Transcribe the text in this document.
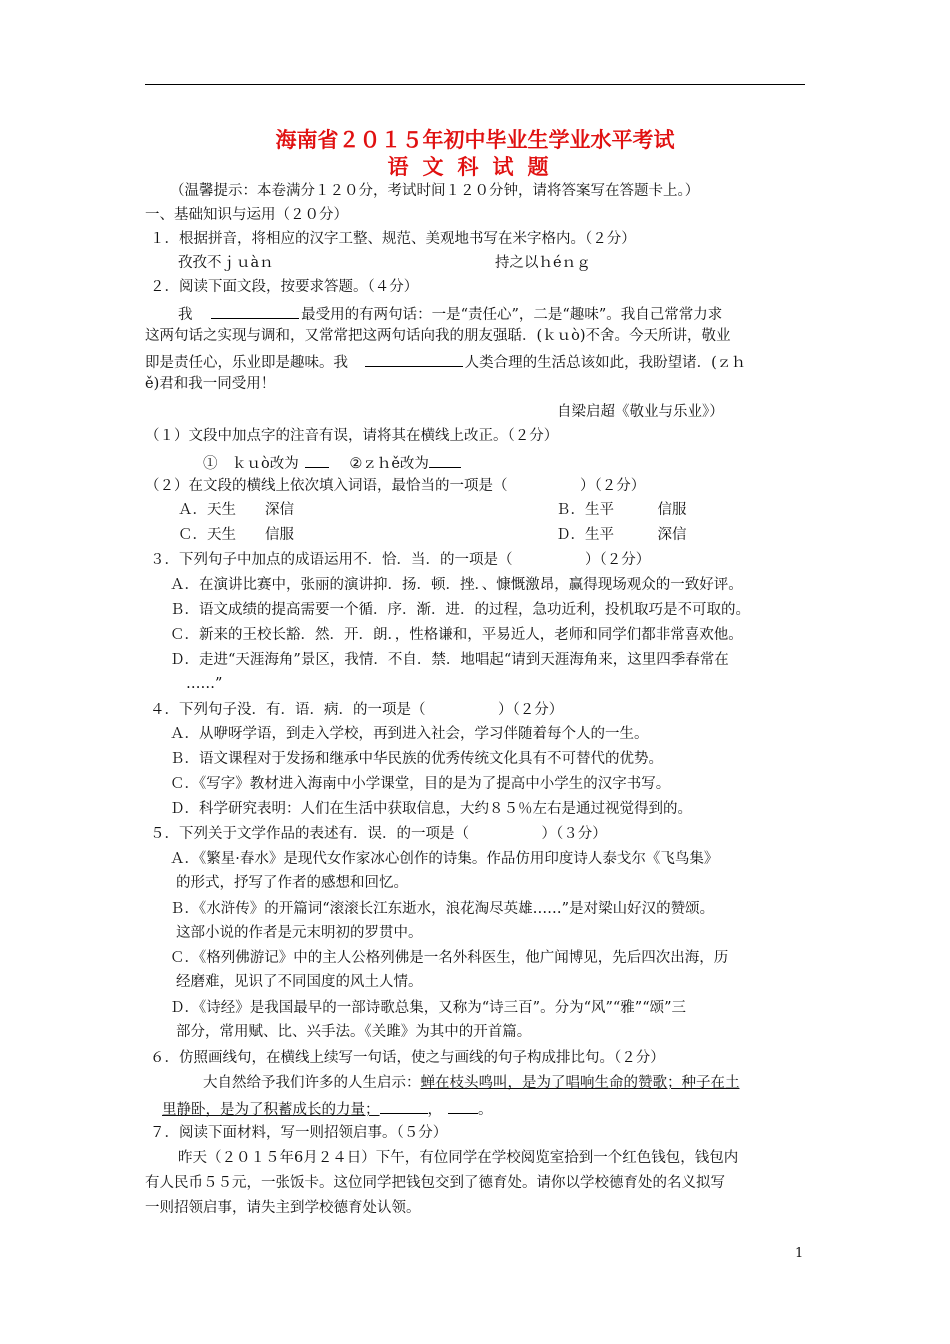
海南省２０１５年初中毕业生学业水平考试
语文科试题
（温馨提示：本卷满分１２０分，考试时间１２０分钟，请将答案写在答题卡上。）
一、基础知识与运用（２０分）
１．根据拼音，将相应的汉字工整、规范、美观地书写在米字格内。（２分）
孜孜不ｊｕàｎ	持之以ｈéｎｇ
２．阅读下面文段，按要求答题。（４分）
我	最受用的有两句话：一是“责任心”，二是“趣味”。我自己常常力求
这两句话之实现与调和，又常常把这两句话向我的朋友强聒．(ｋｕò)不舍。今天所讲，敬业
即是责任心，乐业即是趣味。我	人类合理的生活总该如此，我盼望诸．(ｚｈ
ě)君和我一同受用！
自梁启超《敬业与乐业》）
（１）文段中加点字的注音有误，请将其在横线上改正。（２分）
①　ｋｕò改为	②ｚｈě改为
（２）在文段的横线上依次填入词语，最恰当的一项是（　　　　　）（２分）
Ａ．天生　　深信	Ｂ．生平　　　信服
Ｃ．天生　　信服	Ｄ．生平　　　深信
３．下列句子中加点的成语运用不．恰．当．的一项是（　　　　　）（２分）
Ａ．在演讲比赛中，张丽的演讲抑．扬．顿．挫．、慷慨激昂，赢得现场观众的一致好评。
Ｂ．语文成绩的提高需要一个循．序．渐．进．的过程，急功近利，投机取巧是不可取的。
Ｃ．新来的王校长豁．然．开．朗．，性格谦和，平易近人，老师和同学们都非常喜欢他。
Ｄ．走进“天涯海角”景区，我情．不自．禁．地唱起“请到天涯海角来，这里四季春常在
……”
４．下列句子没．有．语．病．的一项是（　　　　　）（２分）
Ａ．从咿呀学语，到走入学校，再到进入社会，学习伴随着每个人的一生。
Ｂ．语文课程对于发扬和继承中华民族的优秀传统文化具有不可替代的优势。
Ｃ．《写字》教材进入海南中小学课堂，目的是为了提高中小学生的汉字书写。
Ｄ．科学研究表明：人们在生活中获取信息，大约８５％左右是通过视觉得到的。
５．下列关于文学作品的表述有．误．的一项是（　　　　　）（３分）
Ａ．《繁星·春水》是现代女作家冰心创作的诗集。作品仿用印度诗人泰戈尔《飞鸟集》
的形式，抒写了作者的感想和回忆。
Ｂ．《水浒传》的开篇词“滚滚长江东逝水，浪花淘尽英雄……”是对梁山好汉的赞颂。
这部小说的作者是元末明初的罗贯中。
Ｃ．《格列佛游记》中的主人公格列佛是一名外科医生，他广闻博见，先后四次出海，历
经磨难，见识了不同国度的风土人情。
Ｄ．《诗经》是我国最早的一部诗歌总集，又称为“诗三百”。分为“风”“雅”“颂”三
部分，常用赋、比、兴手法。《关雎》为其中的开首篇。
６．仿照画线句，在横线上续写一句话，使之与画线的句子构成排比句。（２分）
大自然给予我们许多的人生启示：蝉在枝头鸣叫，是为了唱响生命的赞歌；种子在土
里静卧，是为了积蓄成长的力量；	， 。
７．阅读下面材料，写一则招领启事。（５分）
昨天（２０１５年6月２４日）下午，有位同学在学校阅览室拾到一个红色钱包，钱包内
有人民币５５元，一张饭卡。这位同学把钱包交到了德育处。请你以学校德育处的名义拟写
一则招领启事，请失主到学校德育处认领。
1
